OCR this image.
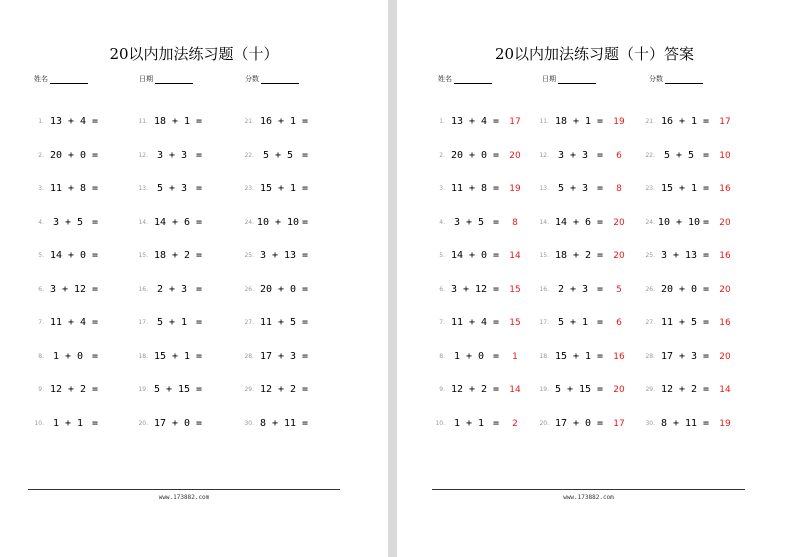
20以内加法练习题（十）
姓名	日期	分数
1. 13 + 4 =
2. 20 + 0 =
3. 11 + 8 =
4. 3 + 5 =
5. 14 + 0 =
6. 3 + 12 =
7. 11 + 4 =
8. 1 + 0 =
9. 12 + 2 =
10. 1 + 1 =
11. 18 + 1 =
12. 3 + 3 =
13. 5 + 3 =
14. 14 + 6 =
15. 18 + 2 =
16. 2 + 3 =
17. 5 + 1 =
18. 15 + 1 =
19. 5 + 15 =
20. 17 + 0 =
21. 16 + 1 =
22. 5 + 5 =
23. 15 + 1 =
24. 10 + 10 =
25. 3 + 13 =
26. 20 + 0 =
27. 11 + 5 =
28. 17 + 3 =
29. 12 + 2 =
30. 8 + 11 =
www.173882.com
20以内加法练习题（十）答案
姓名	日期	分数
1. 13 + 4 =	17
2. 20 + 0 =	20
3. 11 + 8 =	19
4. 3 + 5 =	8
5. 14 + 0 =	14
6. 3 + 12 =	15
7. 11 + 4 =	15
8. 1 + 0 =	1
9. 12 + 2 =	14
10. 1 + 1 =	2
11. 18 + 1 =	19
12. 3 + 3 =	6
13. 5 + 3 =	8
14. 14 + 6 =	20
15. 18 + 2 =	20
16. 2 + 3 =	5
17. 5 + 1 =	6
18. 15 + 1 =	16
19. 5 + 15 =	20
20. 17 + 0 =	17
21. 16 + 1 =	17
22. 5 + 5 =	10
23. 15 + 1 =	16
24. 10 + 10 =	20
25. 3 + 13 =	16
26. 20 + 0 =	20
27. 11 + 5 =	16
28. 17 + 3 =	20
29. 12 + 2 =	14
30. 8 + 11 =	19
www.173882.com
